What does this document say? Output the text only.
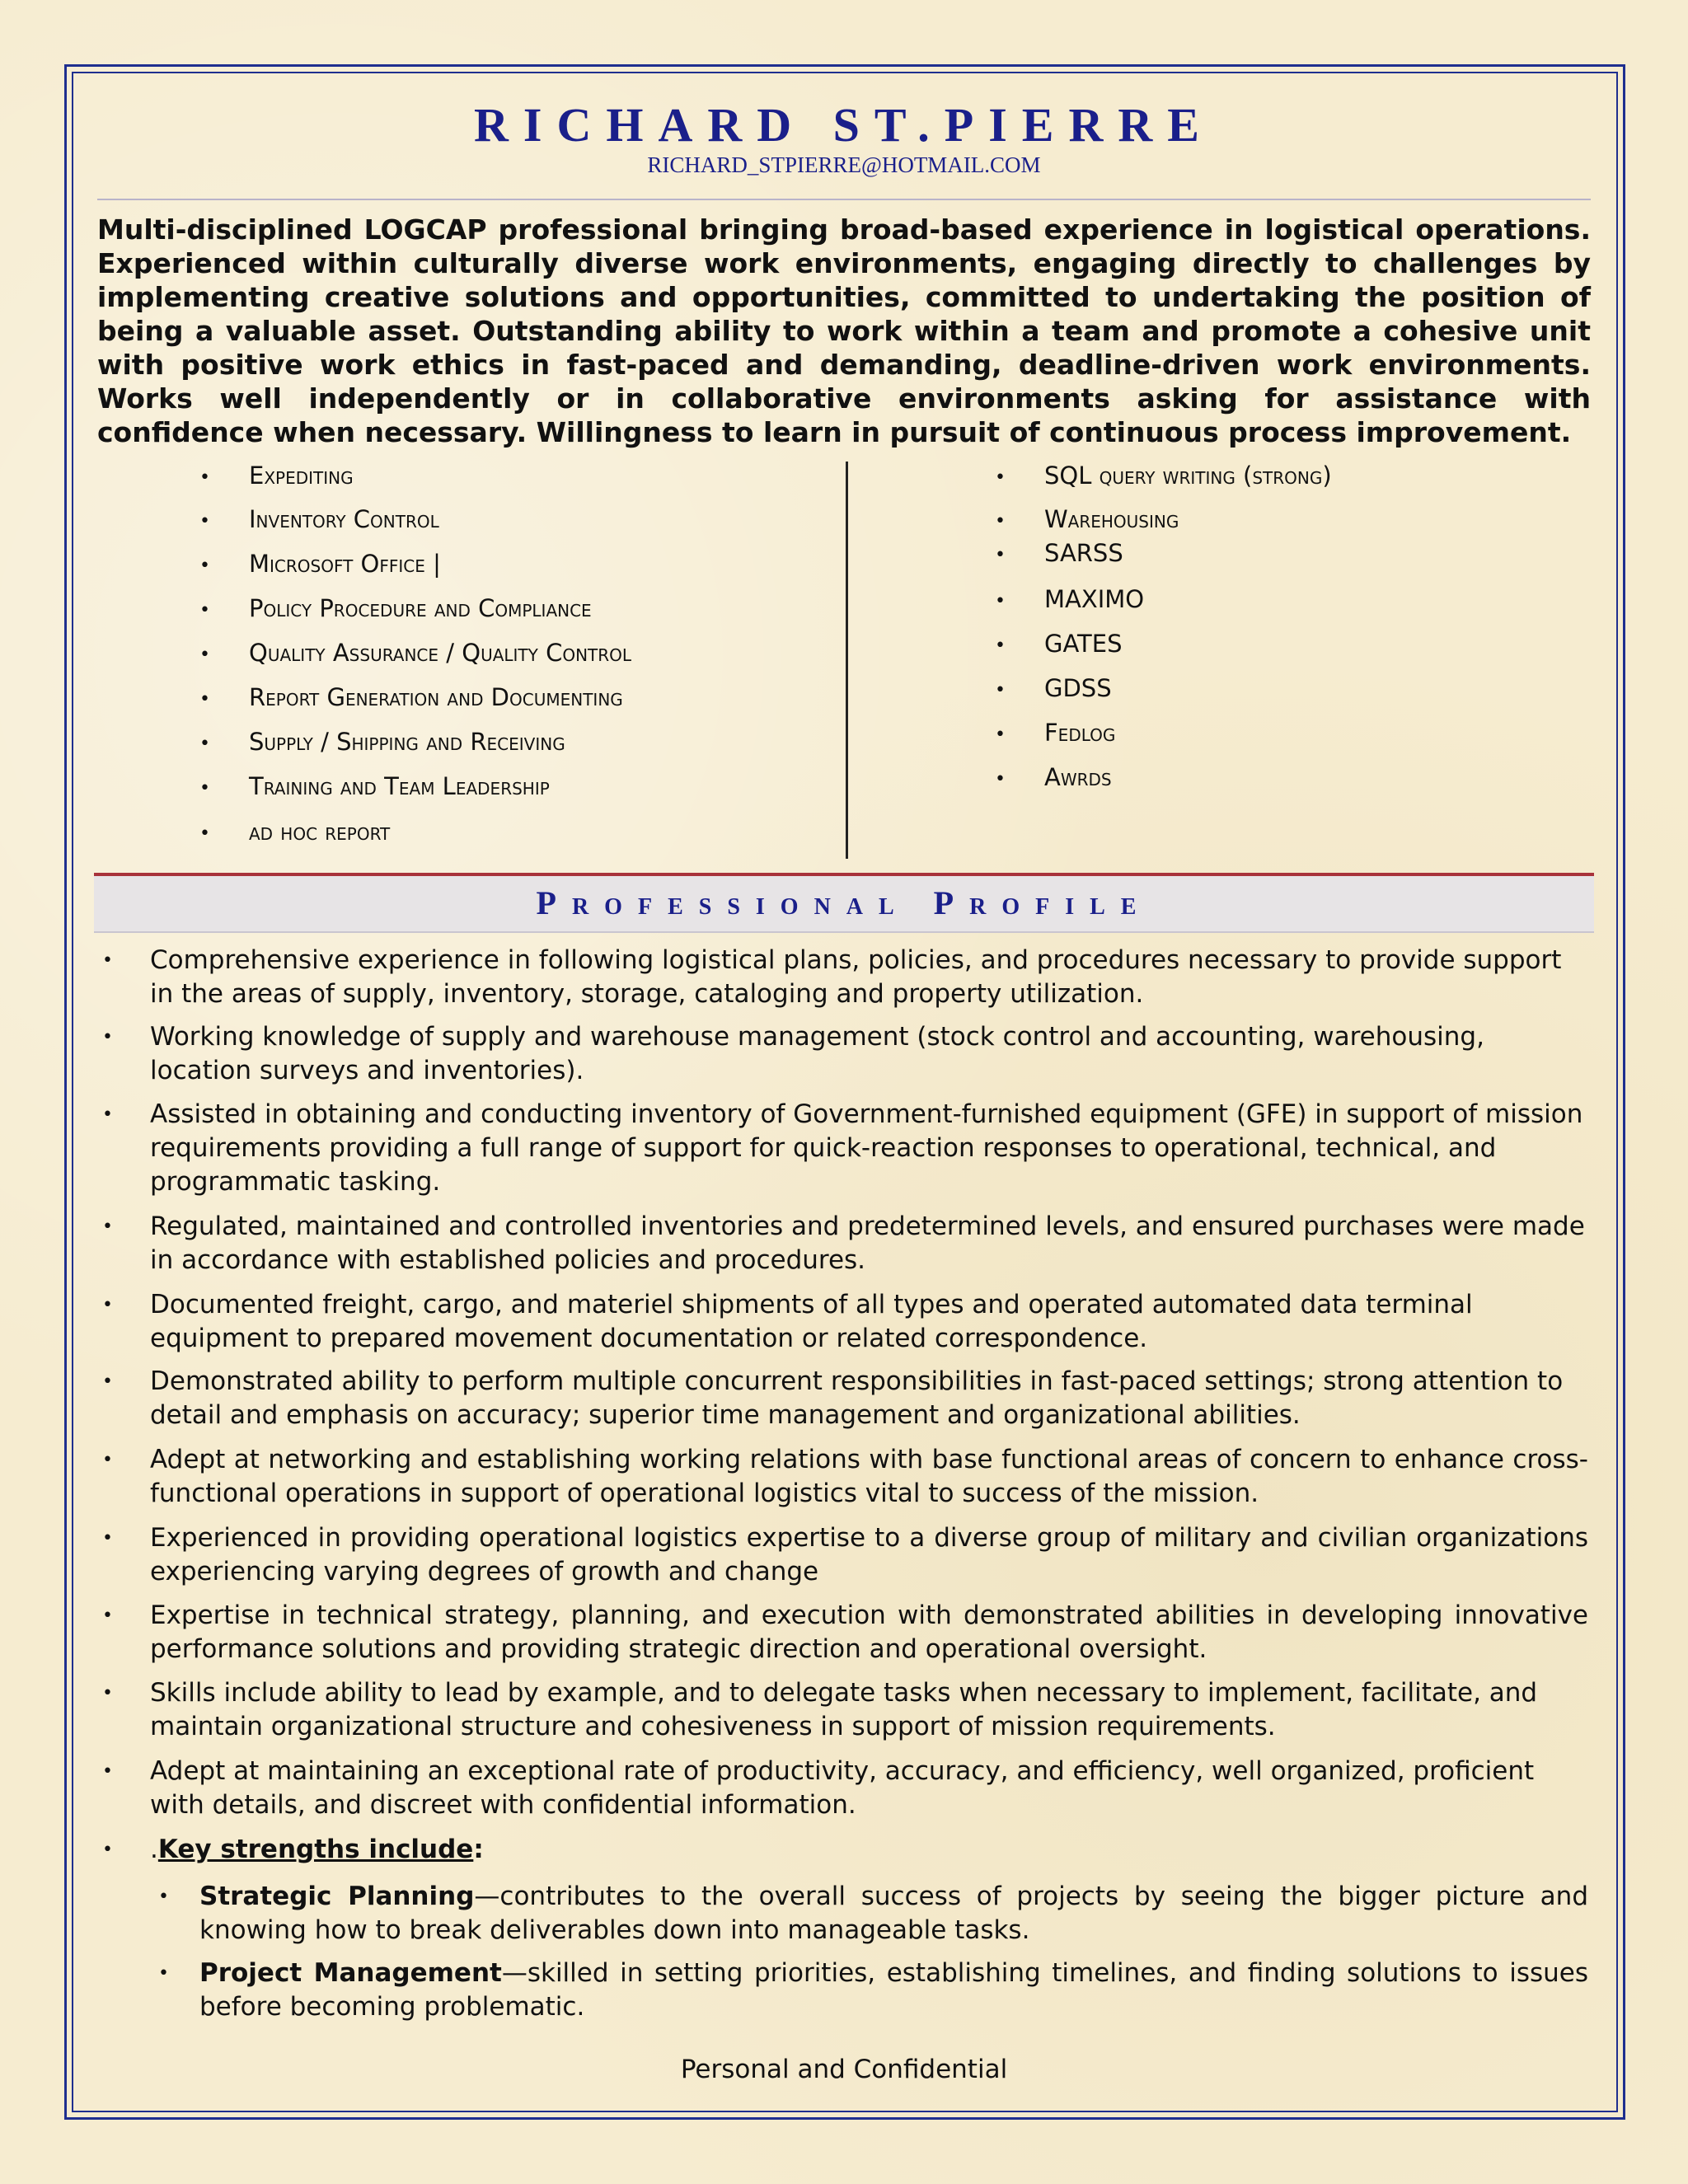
RICHARD ST.PIERRE
RICHARD_STPIERRE@HOTMAIL.COM

Multi-disciplined LOGCAP professional bringing broad-based experience in logistical operations. Experienced within culturally diverse work environments, engaging directly to challenges by implementing creative solutions and opportunities, committed to undertaking the position of being a valuable asset. Outstanding ability to work within a team and promote a cohesive unit with positive work ethics in fast-paced and demanding, deadline-driven work environments. Works well independently or in collaborative environments asking for assistance with confidence when necessary. Willingness to learn in pursuit of continuous process improvement.

• Expediting
• Inventory Control
• Microsoft Office |
• Policy Procedure and Compliance
• Quality Assurance / Quality Control
• Report Generation and Documenting
• Supply / Shipping and Receiving
• Training and Team Leadership
• ad hoc report
• SQL query writing (strong)
• Warehousing
• SARSS
• MAXIMO
• GATES
• GDSS
• Fedlog
• Awrds
Professional Profile
• Comprehensive experience in following logistical plans, policies, and procedures necessary to provide support in the areas of supply, inventory, storage, cataloging and property utilization.
• Working knowledge of supply and warehouse management (stock control and accounting, warehousing, location surveys and inventories).
• Assisted in obtaining and conducting inventory of Government-furnished equipment (GFE) in support of mission requirements providing a full range of support for quick-reaction responses to operational, technical, and programmatic tasking.
• Regulated, maintained and controlled inventories and predetermined levels, and ensured purchases were made in accordance with established policies and procedures.
• Documented freight, cargo, and materiel shipments of all types and operated automated data terminal equipment to prepared movement documentation or related correspondence.
• Demonstrated ability to perform multiple concurrent responsibilities in fast-paced settings; strong attention to detail and emphasis on accuracy; superior time management and organizational abilities.
• Adept at networking and establishing working relations with base functional areas of concern to enhance cross-functional operations in support of operational logistics vital to success of the mission.
• Experienced in providing operational logistics expertise to a diverse group of military and civilian organizations experiencing varying degrees of growth and change
• Expertise in technical strategy, planning, and execution with demonstrated abilities in developing innovative performance solutions and providing strategic direction and operational oversight.
• Skills include ability to lead by example, and to delegate tasks when necessary to implement, facilitate, and maintain organizational structure and cohesiveness in support of mission requirements.
• Adept at maintaining an exceptional rate of productivity, accuracy, and efficiency, well organized, proficient with details, and discreet with confidential information.
• .Key strengths include:
• Strategic Planning—contributes to the overall success of projects by seeing the bigger picture and knowing how to break deliverables down into manageable tasks.
• Project Management—skilled in setting priorities, establishing timelines, and finding solutions to issues before becoming problematic.
Personal and Confidential
